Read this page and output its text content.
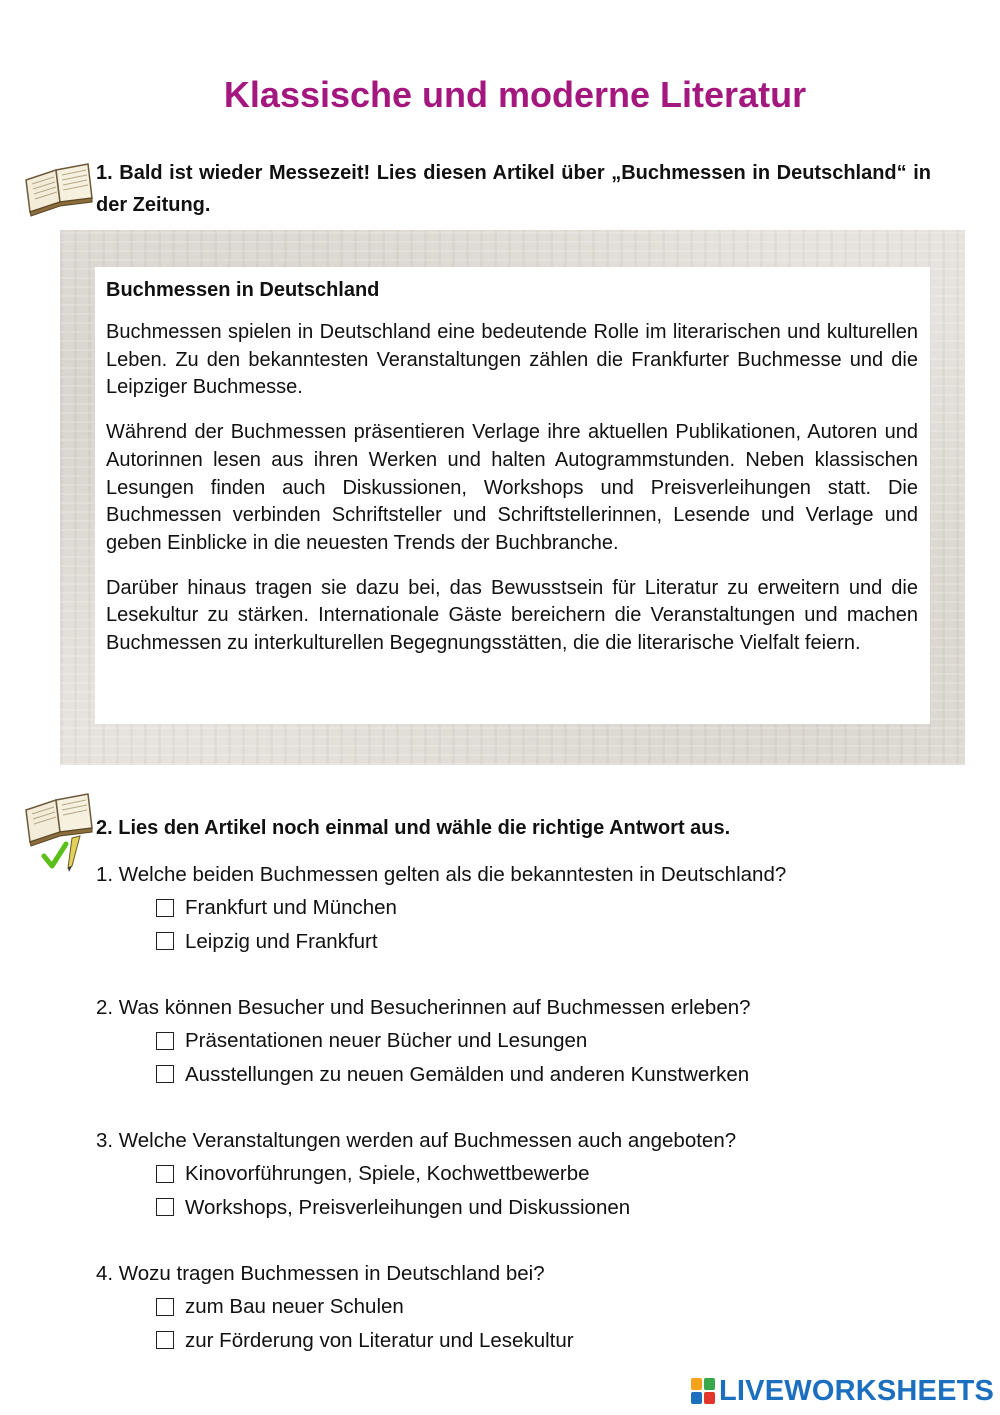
Klassische und moderne Literatur
1. Bald ist wieder Messezeit! Lies diesen Artikel über „Buchmessen in Deutschland“ in der Zeitung.
Buchmessen in Deutschland

Buchmessen spielen in Deutschland eine bedeutende Rolle im literarischen und kulturellen Leben. Zu den bekanntesten Veranstaltungen zählen die Frankfurter Buchmesse und die Leipziger Buchmesse.

Während der Buchmessen präsentieren Verlage ihre aktuellen Publikationen, Autoren und Autorinnen lesen aus ihren Werken und halten Autogrammstunden. Neben klassischen Lesungen finden auch Diskussionen, Workshops und Preisverleihungen statt. Die Buchmessen verbinden Schriftsteller und Schriftstellerinnen, Lesende und Verlage und geben Einblicke in die neuesten Trends der Buchbranche.

Darüber hinaus tragen sie dazu bei, das Bewusstsein für Literatur zu erweitern und die Lesekultur zu stärken. Internationale Gäste bereichern die Veranstaltungen und machen Buchmessen zu interkulturellen Begegnungsstätten, die die literarische Vielfalt feiern.

2. Lies den Artikel noch einmal und wähle die richtige Antwort aus.
1. Welche beiden Buchmessen gelten als die bekanntesten in Deutschland?
Frankfurt und München
Leipzig und Frankfurt
2. Was können Besucher und Besucherinnen auf Buchmessen erleben?
Präsentationen neuer Bücher und Lesungen
Ausstellungen zu neuen Gemälden und anderen Kunstwerken
3. Welche Veranstaltungen werden auf Buchmessen auch angeboten?
Kinovorführungen, Spiele, Kochwettbewerbe
Workshops, Preisverleihungen und Diskussionen
4. Wozu tragen Buchmessen in Deutschland bei?
zum Bau neuer Schulen
zur Förderung von Literatur und Lesekultur
LIVEWORKSHEETS
